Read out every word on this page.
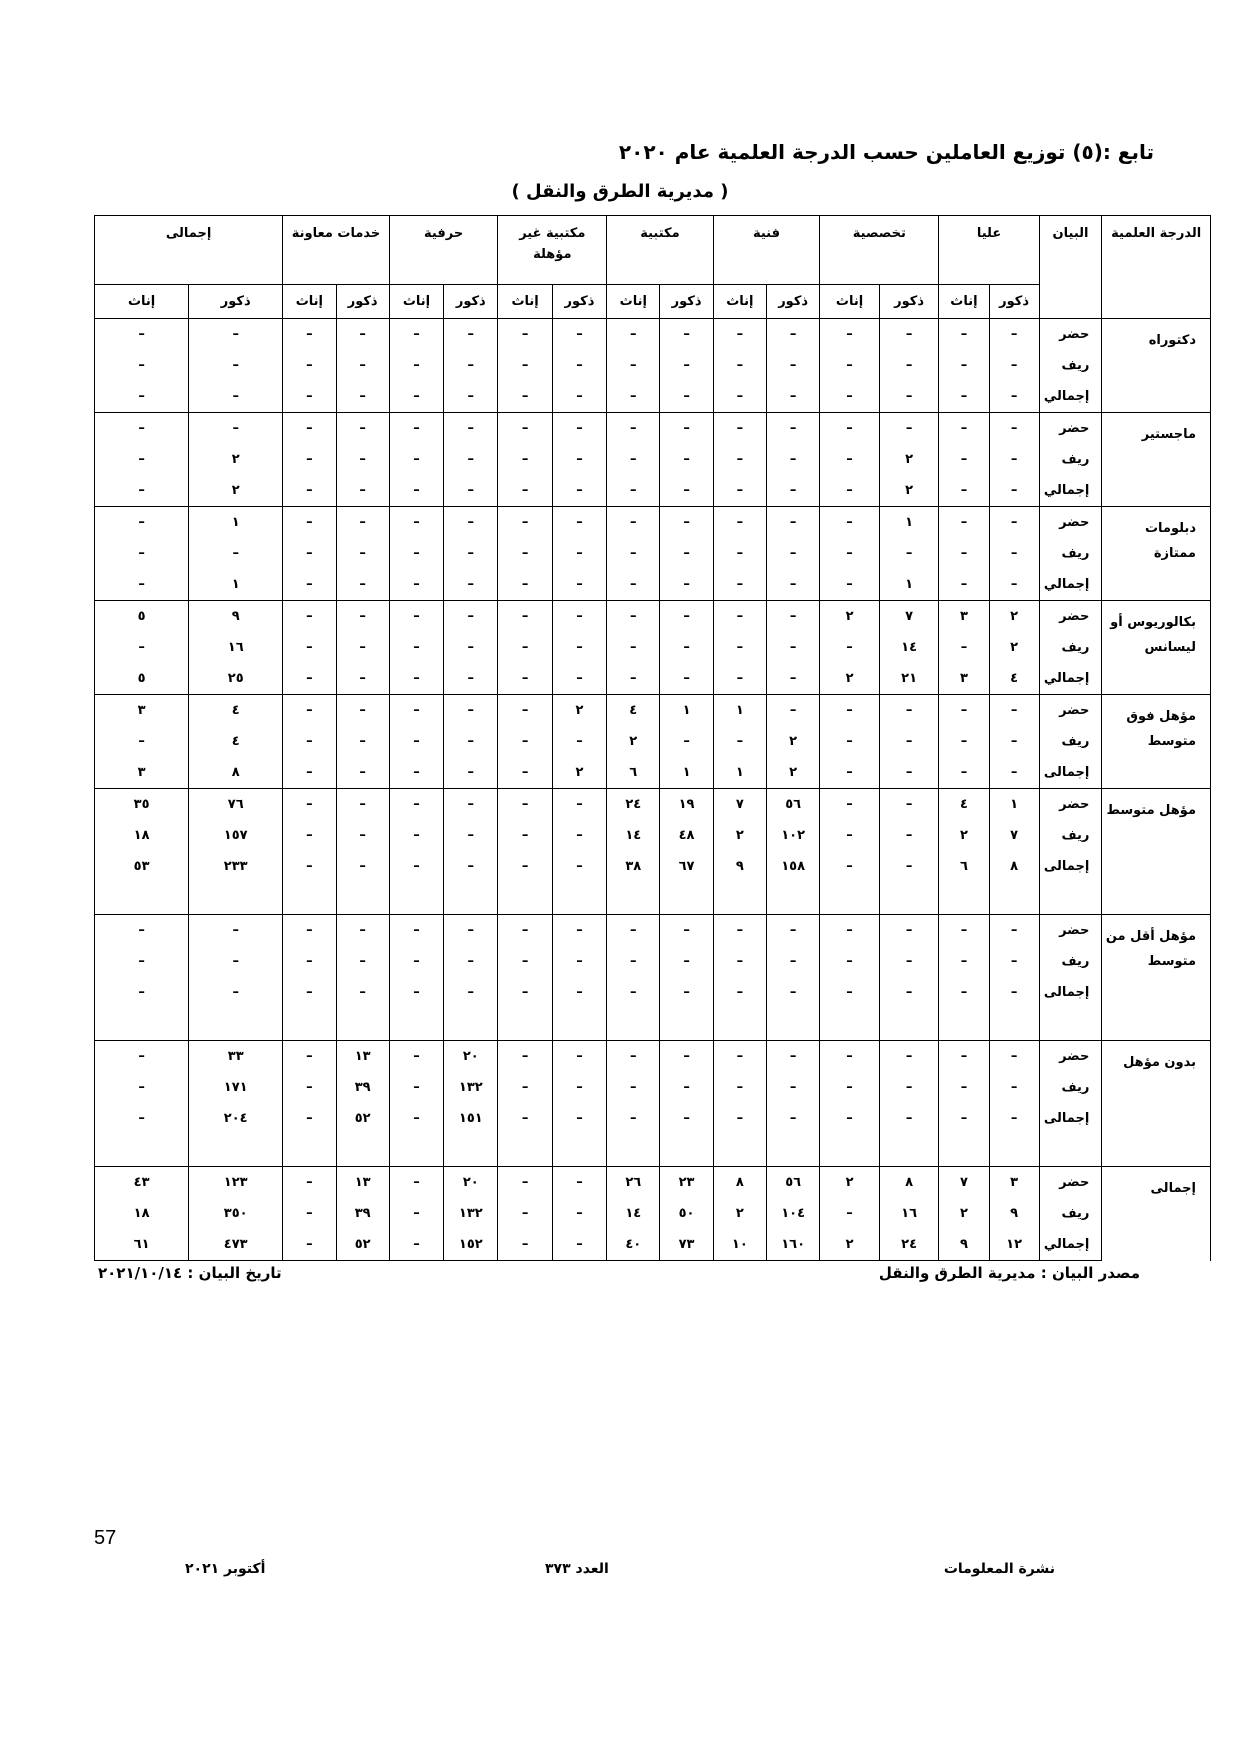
تابع :(٥) توزيع العاملين حسب الدرجة العلمية عام ٢٠٢٠
( مديرية الطرق والنقل )
الدرجة العلمية	البيان	عليا		تخصصية		فنية		مكتبية		مكتبية غير مؤهلة		حرفية		خدمات معاونة		إجمالى	
		ذكور	إناث	ذكور	إناث	ذكور	إناث	ذكور	إناث	ذكور	إناث	ذكور	إناث	ذكور	إناث	ذكور	إناث
دكتوراه	حضر	–	–	–	–	–	–	–	–	–	–	–	–	–	–	–	–
	ريف	–	–	–	–	–	–	–	–	–	–	–	–	–	–	–	–
	إجمالي	–	–	–	–	–	–	–	–	–	–	–	–	–	–	–	–
ماجستير	حضر	–	–	–	–	–	–	–	–	–	–	–	–	–	–	–	–
	ريف	–	–	٢	–	–	–	–	–	–	–	–	–	–	–	٢	–
	إجمالي	–	–	٢	–	–	–	–	–	–	–	–	–	–	–	٢	–
دبلومات ممتازة	حضر	–	–	١	–	–	–	–	–	–	–	–	–	–	–	١	–
	ريف	–	–	–	–	–	–	–	–	–	–	–	–	–	–	–	–
	إجمالي	–	–	١	–	–	–	–	–	–	–	–	–	–	–	١	–
بكالوريوس أو ليسانس	حضر	٢	٣	٧	٢	–	–	–	–	–	–	–	–	–	–	٩	٥
	ريف	٢	–	١٤	–	–	–	–	–	–	–	–	–	–	–	١٦	–
	إجمالي	٤	٣	٢١	٢	–	–	–	–	–	–	–	–	–	–	٢٥	٥
مؤهل فوق متوسط	حضر	–	–	–	–	–	١	١	٤	٢	–	–	–	–	–	٤	٣
	ريف	–	–	–	–	٢	–	–	٢	–	–	–	–	–	–	٤	–
	إجمالى	–	–	–	–	٢	١	١	٦	٢	–	–	–	–	–	٨	٣
مؤهل متوسط	حضر	١	٤	–	–	٥٦	٧	١٩	٢٤	–	–	–	–	–	–	٧٦	٣٥
	ريف	٧	٢	–	–	١٠٢	٢	٤٨	١٤	–	–	–	–	–	–	١٥٧	١٨
	إجمالى	٨	٦	–	–	١٥٨	٩	٦٧	٣٨	–	–	–	–	–	–	٢٣٣	٥٣

مؤهل أقل من متوسط	حضر	–	–	–	–	–	–	–	–	–	–	–	–	–	–	–	–
	ريف	–	–	–	–	–	–	–	–	–	–	–	–	–	–	–	–
	إجمالى	–	–	–	–	–	–	–	–	–	–	–	–	–	–	–	–

بدون مؤهل	حضر	–	–	–	–	–	–	–	–	–	–	٢٠	–	١٣	–	٣٣	–
	ريف	–	–	–	–	–	–	–	–	–	–	١٣٢	–	٣٩	–	١٧١	–
	إجمالى	–	–	–	–	–	–	–	–	–	–	١٥١	–	٥٢	–	٢٠٤	–

إجمالى	حضر	٣	٧	٨	٢	٥٦	٨	٢٣	٢٦	–	–	٢٠	–	١٣	–	١٢٣	٤٣
	ريف	٩	٢	١٦	–	١٠٤	٢	٥٠	١٤	–	–	١٣٢	–	٣٩	–	٣٥٠	١٨
	إجمالي	١٢	٩	٢٤	٢	١٦٠	١٠	٧٣	٤٠	–	–	١٥٢	–	٥٢	–	٤٧٣	٦١
مصدر البيان : مديرية الطرق والنقل
تاريخ البيان : ٢٠٢١/١٠/١٤
57
نشرة المعلومات
العدد ٣٧٣
أكتوبر ٢٠٢١
